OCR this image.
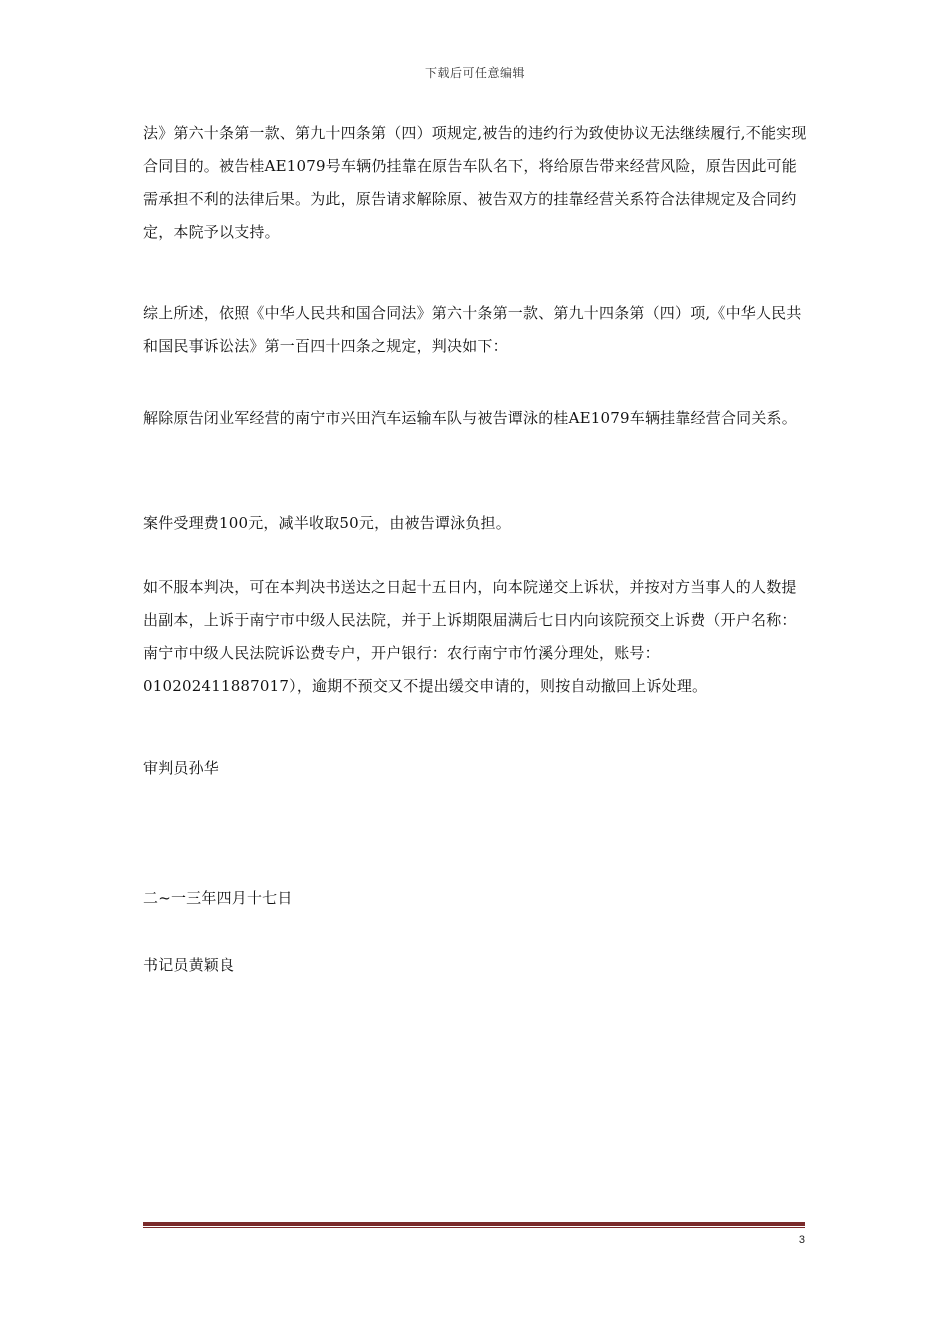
下载后可任意编辑
法》第六十条第一款、第九十四条第（四）项规定,被告的违约行为致使协议无法继续履行,不能实现合同目的。被告桂AE1079号车辆仍挂靠在原告车队名下，将给原告带来经营风险，原告因此可能需承担不利的法律后果。为此，原告请求解除原、被告双方的挂靠经营关系符合法律规定及合同约定，本院予以支持。
综上所述，依照《中华人民共和国合同法》第六十条第一款、第九十四条第（四）项,《中华人民共和国民事诉讼法》第一百四十四条之规定，判决如下：
解除原告闭业军经营的南宁市兴田汽车运输车队与被告谭泳的桂AE1079车辆挂靠经营合同关系。
案件受理费100元，减半收取50元，由被告谭泳负担。
如不服本判决，可在本判决书送达之日起十五日内，向本院递交上诉状，并按对方当事人的人数提出副本，上诉于南宁市中级人民法院，并于上诉期限届满后七日内向该院预交上诉费（开户名称：南宁市中级人民法院诉讼费专户，开户银行：农行南宁市竹溪分理处，账号：010202411887017），逾期不预交又不提出缓交申请的，则按自动撤回上诉处理。
审判员孙华
二~一三年四月十七日
书记员黄颖良
3
